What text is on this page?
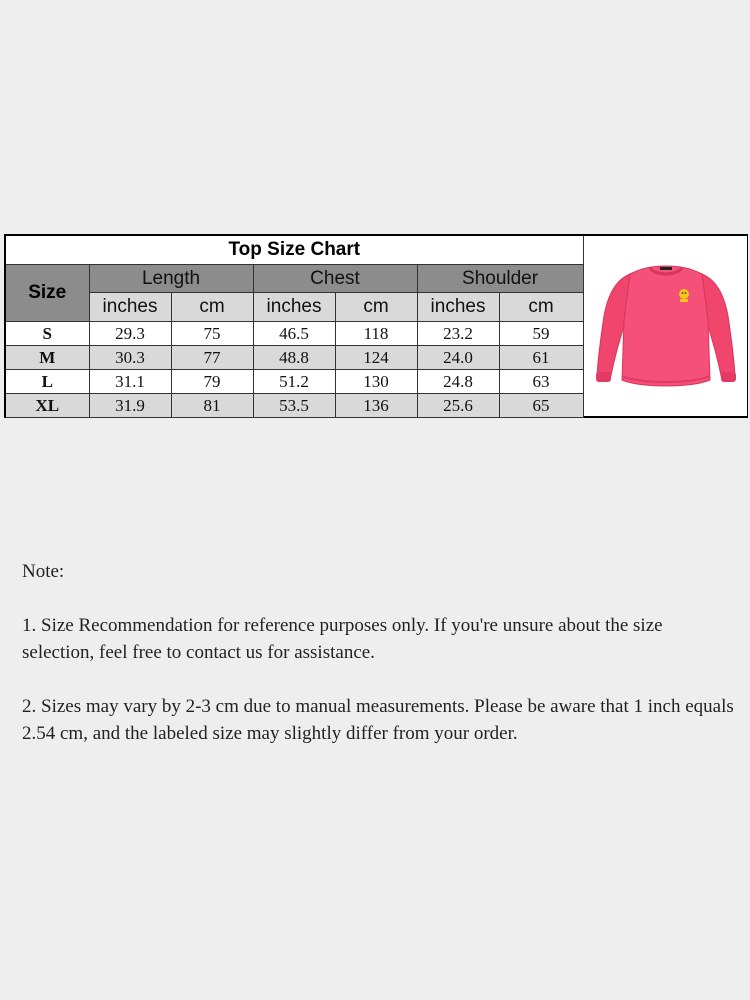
Top Size Chart						
Size	Length		Chest		Shoulder	
	inches	cm	inches	cm	inches	cm
S	29.3	75	46.5	118	23.2	59
M	30.3	77	48.8	124	24.0	61
L	31.1	79	51.2	130	24.8	63
XL	31.9	81	53.5	136	25.6	65

Note:

1. Size Recommendation for reference purposes only. If you're unsure about the size selection, feel free to contact us for assistance.

2. Sizes may vary by 2-3 cm due to manual measurements. Please be aware that 1 inch equals 2.54 cm, and the labeled size may slightly differ from your order.
